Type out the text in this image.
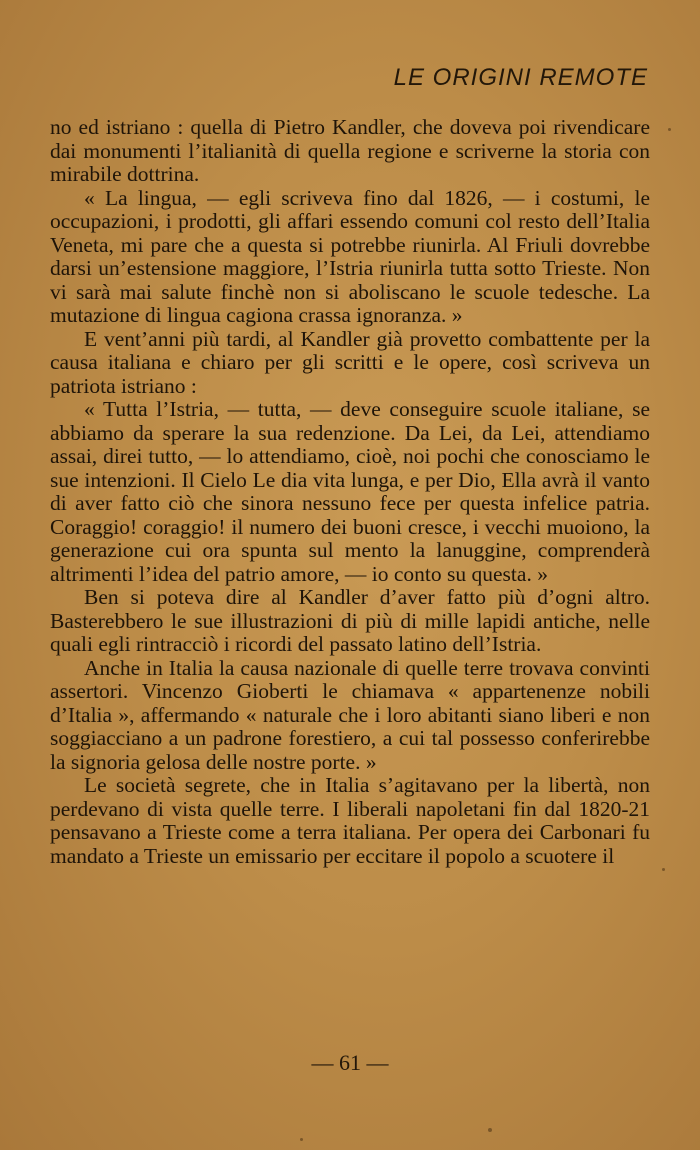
LE ORIGINI REMOTE

no ed istriano : quella di Pietro Kandler, che doveva poi rivendicare dai monumenti l’italianità di quella regione e scriverne la storia con mirabile dottrina.

« La lingua, — egli scriveva fino dal 1826, — i costumi, le occupazioni, i prodotti, gli affari essendo comuni col resto dell’Italia Veneta, mi pare che a questa si potrebbe riunirla. Al Friuli dovrebbe darsi un’estensione maggiore, l’Istria riunirla tutta sotto Trieste. Non vi sarà mai salute finchè non si aboliscano le scuole tedesche. La mutazione di lingua cagiona crassa ignoranza. »

E vent’anni più tardi, al Kandler già provetto combattente per la causa italiana e chiaro per gli scritti e le opere, così scriveva un patriota istriano :

« Tutta l’Istria, — tutta, — deve conseguire scuole italiane, se abbiamo da sperare la sua redenzione. Da Lei, da Lei, attendiamo assai, direi tutto, — lo attendiamo, cioè, noi pochi che conosciamo le sue intenzioni. Il Cielo Le dia vita lunga, e per Dio, Ella avrà il vanto di aver fatto ciò che sinora nessuno fece per questa infelice patria. Coraggio! coraggio! il numero dei buoni cresce, i vecchi muoiono, la generazione cui ora spunta sul mento la lanuggine, comprenderà altrimenti l’idea del patrio amore, — io conto su questa. »

Ben si poteva dire al Kandler d’aver fatto più d’ogni altro. Basterebbero le sue illustrazioni di più di mille lapidi antiche, nelle quali egli rintracciò i ricordi del passato latino dell’Istria.

Anche in Italia la causa nazionale di quelle terre trovava convinti assertori. Vincenzo Gioberti le chiamava « appartenenze nobili d’Italia », affermando « naturale che i loro abitanti siano liberi e non soggiacciano a un padrone forestiero, a cui tal possesso conferirebbe la signoria gelosa delle nostre porte. »

Le società segrete, che in Italia s’agitavano per la libertà, non perdevano di vista quelle terre. I liberali napoletani fin dal 1820-21 pensavano a Trieste come a terra italiana. Per opera dei Carbonari fu mandato a Trieste un emissario per eccitare il popolo a scuotere il

— 61 —
